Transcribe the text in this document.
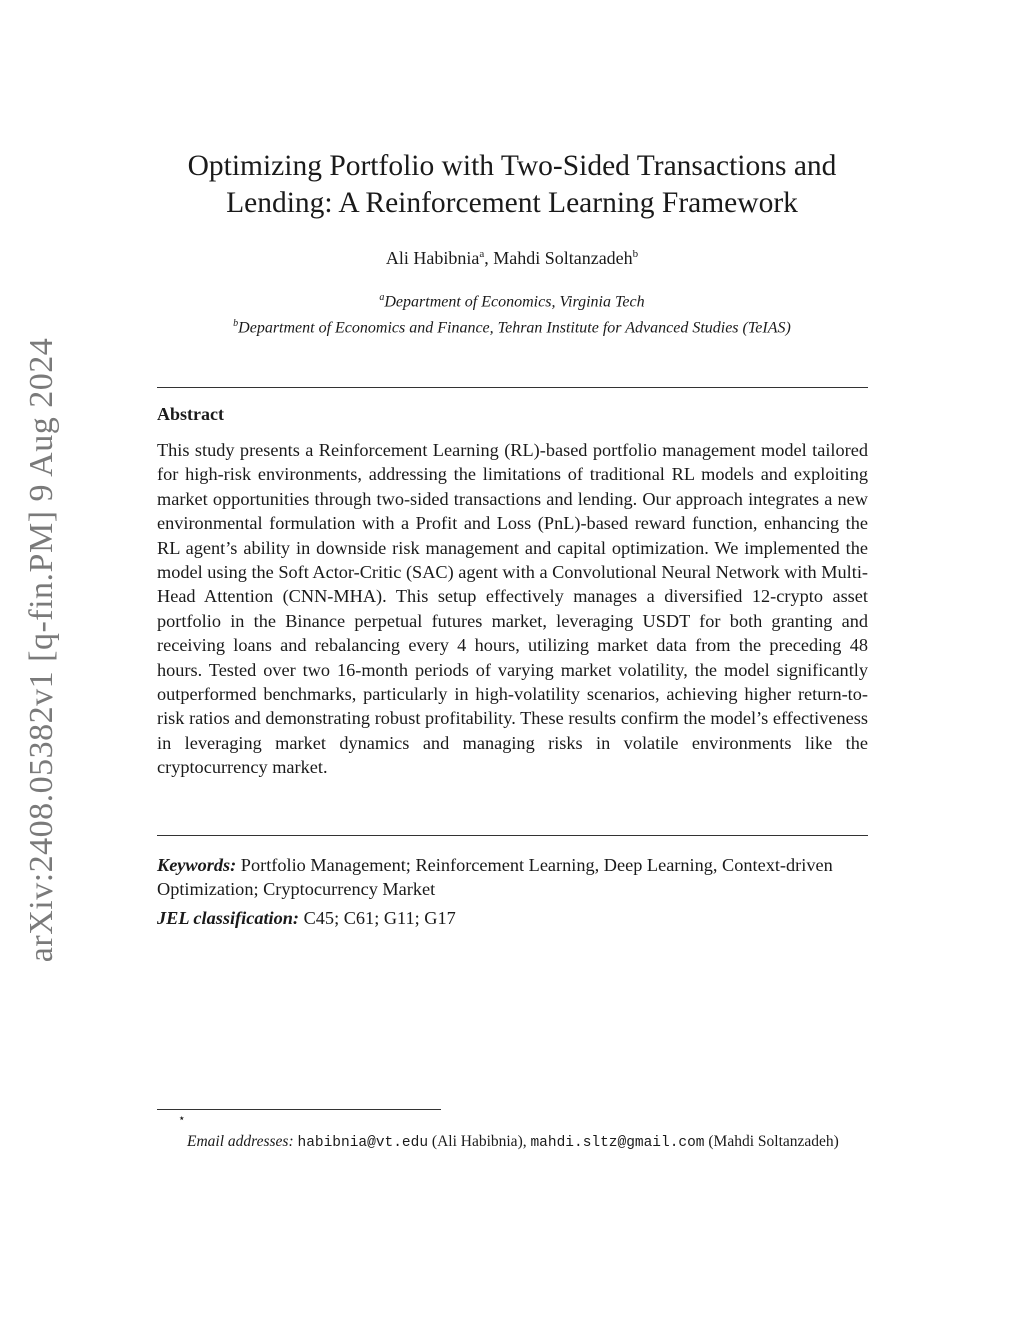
arXiv:2408.05382v1 [q-fin.PM] 9 Aug 2024
Optimizing Portfolio with Two-Sided Transactions and
Lending: A Reinforcement Learning Framework
Ali Habibnia$^a$, Mahdi Soltanzadeh$^b$
$^a$Department of Economics, Virginia Tech
$^b$Department of Economics and Finance, Tehran Institute for Advanced Studies (TeIAS)
Abstract
This study presents a Reinforcement Learning (RL)-based portfolio management model tailored for high-risk environments, addressing the limitations of traditional RL models and exploiting market opportunities through two-sided transactions and lending. Our approach integrates a new environmental formulation with a Profit and Loss (PnL)-based reward function, enhancing the RL agent’s ability in downside risk management and capital optimization. We implemented the model using the Soft Actor-Critic (SAC) agent with a Convolutional Neural Network with Multi-Head Attention (CNN-MHA). This setup effectively manages a diversified 12-crypto asset portfolio in the Binance perpetual futures market, leveraging USDT for both granting and receiving loans and rebalancing every 4 hours, utilizing market data from the preceding 48 hours. Tested over two 16-month periods of varying market volatility, the model significantly outperformed benchmarks, particularly in high-volatility scenarios, achieving higher return-to-risk ratios and demonstrating robust profitability. These results confirm the model’s effectiveness in leveraging market dynamics and managing risks in volatile environments like the cryptocurrency market.
Keywords: Portfolio Management; Reinforcement Learning, Deep Learning, Context-driven Optimization; Cryptocurrency Market
JEL classification: C45; C61; G11; G17
⋆
Email addresses: habibnia@vt.edu (Ali Habibnia), mahdi.sltz@gmail.com (Mahdi Soltanzadeh)
